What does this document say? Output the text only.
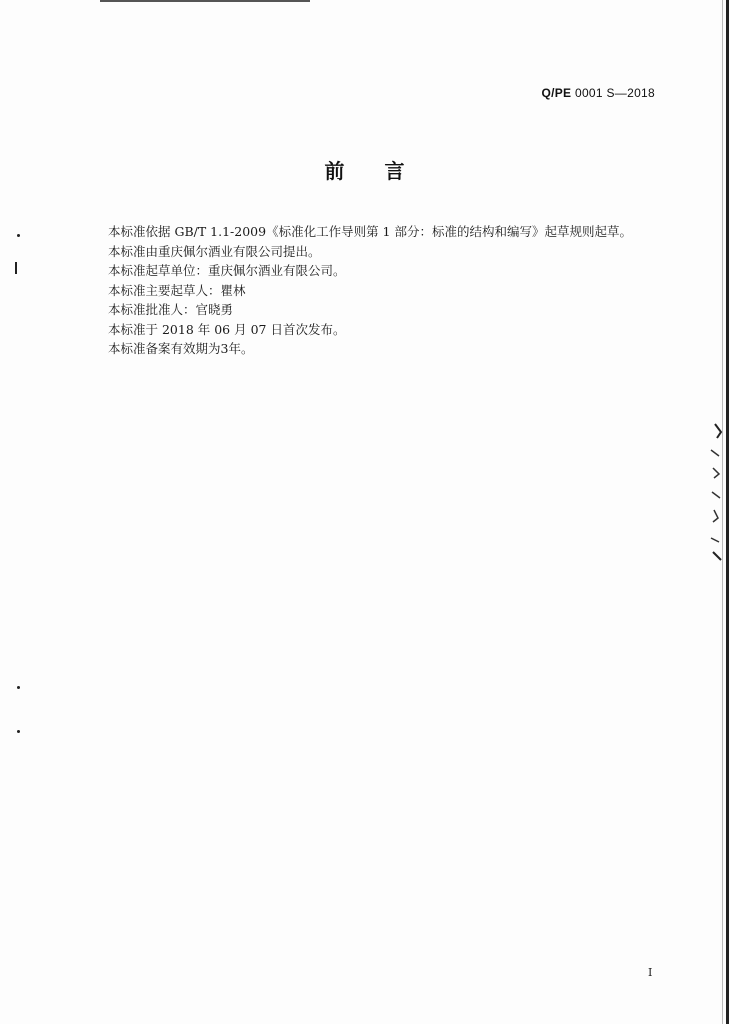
Q/PE 0001 S—2018
前言
本标准依据 GB/T 1.1-2009《标准化工作导则第 1 部分：标准的结构和编写》起草规则起草。
本标准由重庆佩尔酒业有限公司提出。
本标准起草单位：重庆佩尔酒业有限公司。
本标准主要起草人：瞿林
本标准批准人：官晓勇
本标准于 2018 年 06 月 07 日首次发布。
本标准备案有效期为3年。
I
